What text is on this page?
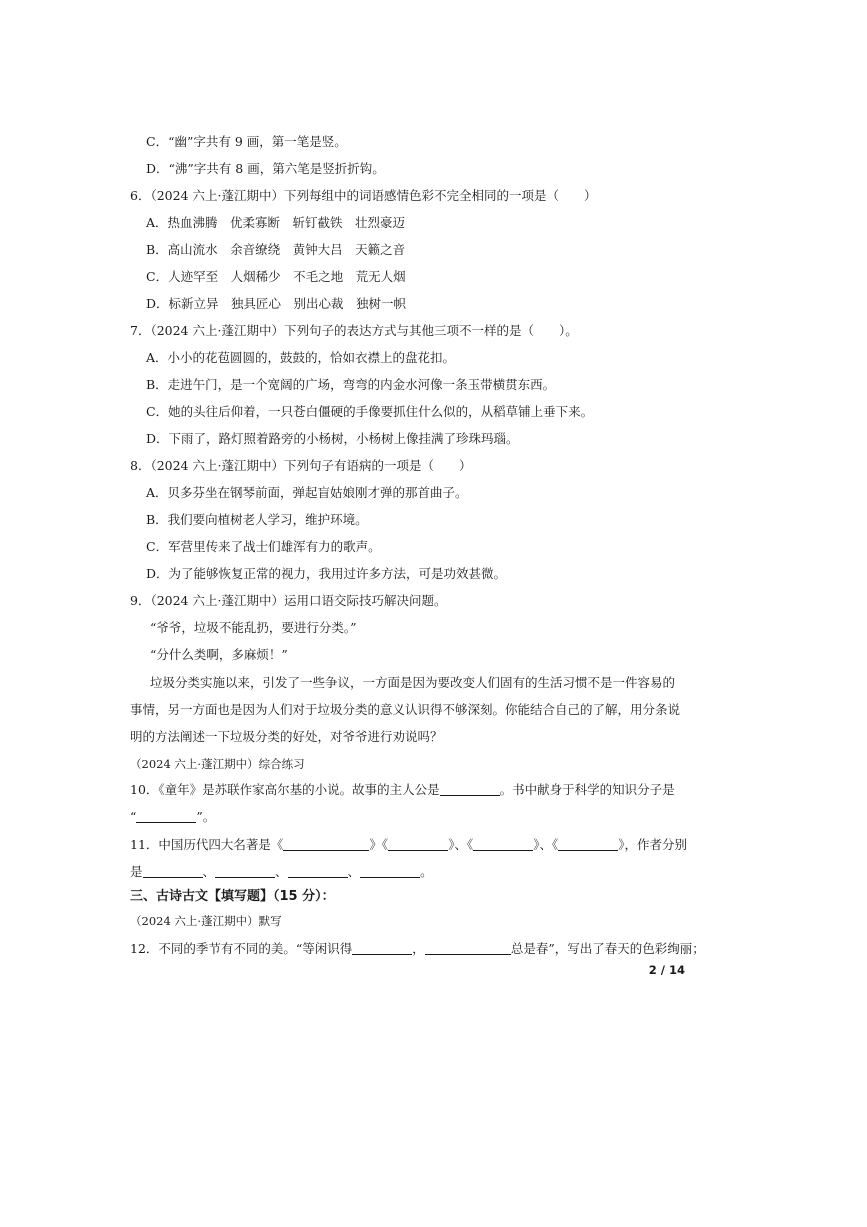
C．“幽”字共有 9 画，第一笔是竖。
D．“沸”字共有 8 画，第六笔是竖折折钩。
6．（2024 六上·蓬江期中）下列每组中的词语感情色彩不完全相同的一项是（　　）
A．热血沸腾　优柔寡断　斩钉截铁　壮烈豪迈
B．高山流水　余音缭绕　黄钟大吕　天籁之音
C．人迹罕至　人烟稀少　不毛之地　荒无人烟
D．标新立异　独具匠心　别出心裁　独树一帜
7．（2024 六上·蓬江期中）下列句子的表达方式与其他三项不一样的是（　　）。
A．小小的花苞圆圆的，鼓鼓的，恰如衣襟上的盘花扣。
B．走进午门，是一个宽阔的广场，弯弯的内金水河像一条玉带横贯东西。
C．她的头往后仰着，一只苍白僵硬的手像要抓住什么似的，从稻草铺上垂下来。
D．下雨了，路灯照着路旁的小杨树，小杨树上像挂满了珍珠玛瑙。
8．（2024 六上·蓬江期中）下列句子有语病的一项是（　　）
A．贝多芬坐在钢琴前面，弹起盲姑娘刚才弹的那首曲子。
B．我们要向植树老人学习，维护环境。
C．军营里传来了战士们雄浑有力的歌声。
D．为了能够恢复正常的视力，我用过许多方法，可是功效甚微。
9．（2024 六上·蓬江期中）运用口语交际技巧解决问题。
“爷爷，垃圾不能乱扔，要进行分类。”
“分什么类啊，多麻烦！”
垃圾分类实施以来，引发了一些争议，一方面是因为要改变人们固有的生活习惯不是一件容易的
事情，另一方面也是因为人们对于垃圾分类的意义认识得不够深刻。你能结合自己的了解，用分条说
明的方法阐述一下垃圾分类的好处，对爷爷进行劝说吗？
（2024 六上·蓬江期中）综合练习
10．《童年》是苏联作家高尔基的小说。故事的主人公是	。书中献身于科学的知识分子是
“	”。
11．中国历代四大名著是《	》《	》、《	》、《	》，作者分别
是	、	、	、	。
三、古诗古文【填写题】（15 分）：
（2024 六上·蓬江期中）默写
12．不同的季节有不同的美。“等闲识得	，	总是春”，写出了春天的色彩绚丽；
2 / 14
